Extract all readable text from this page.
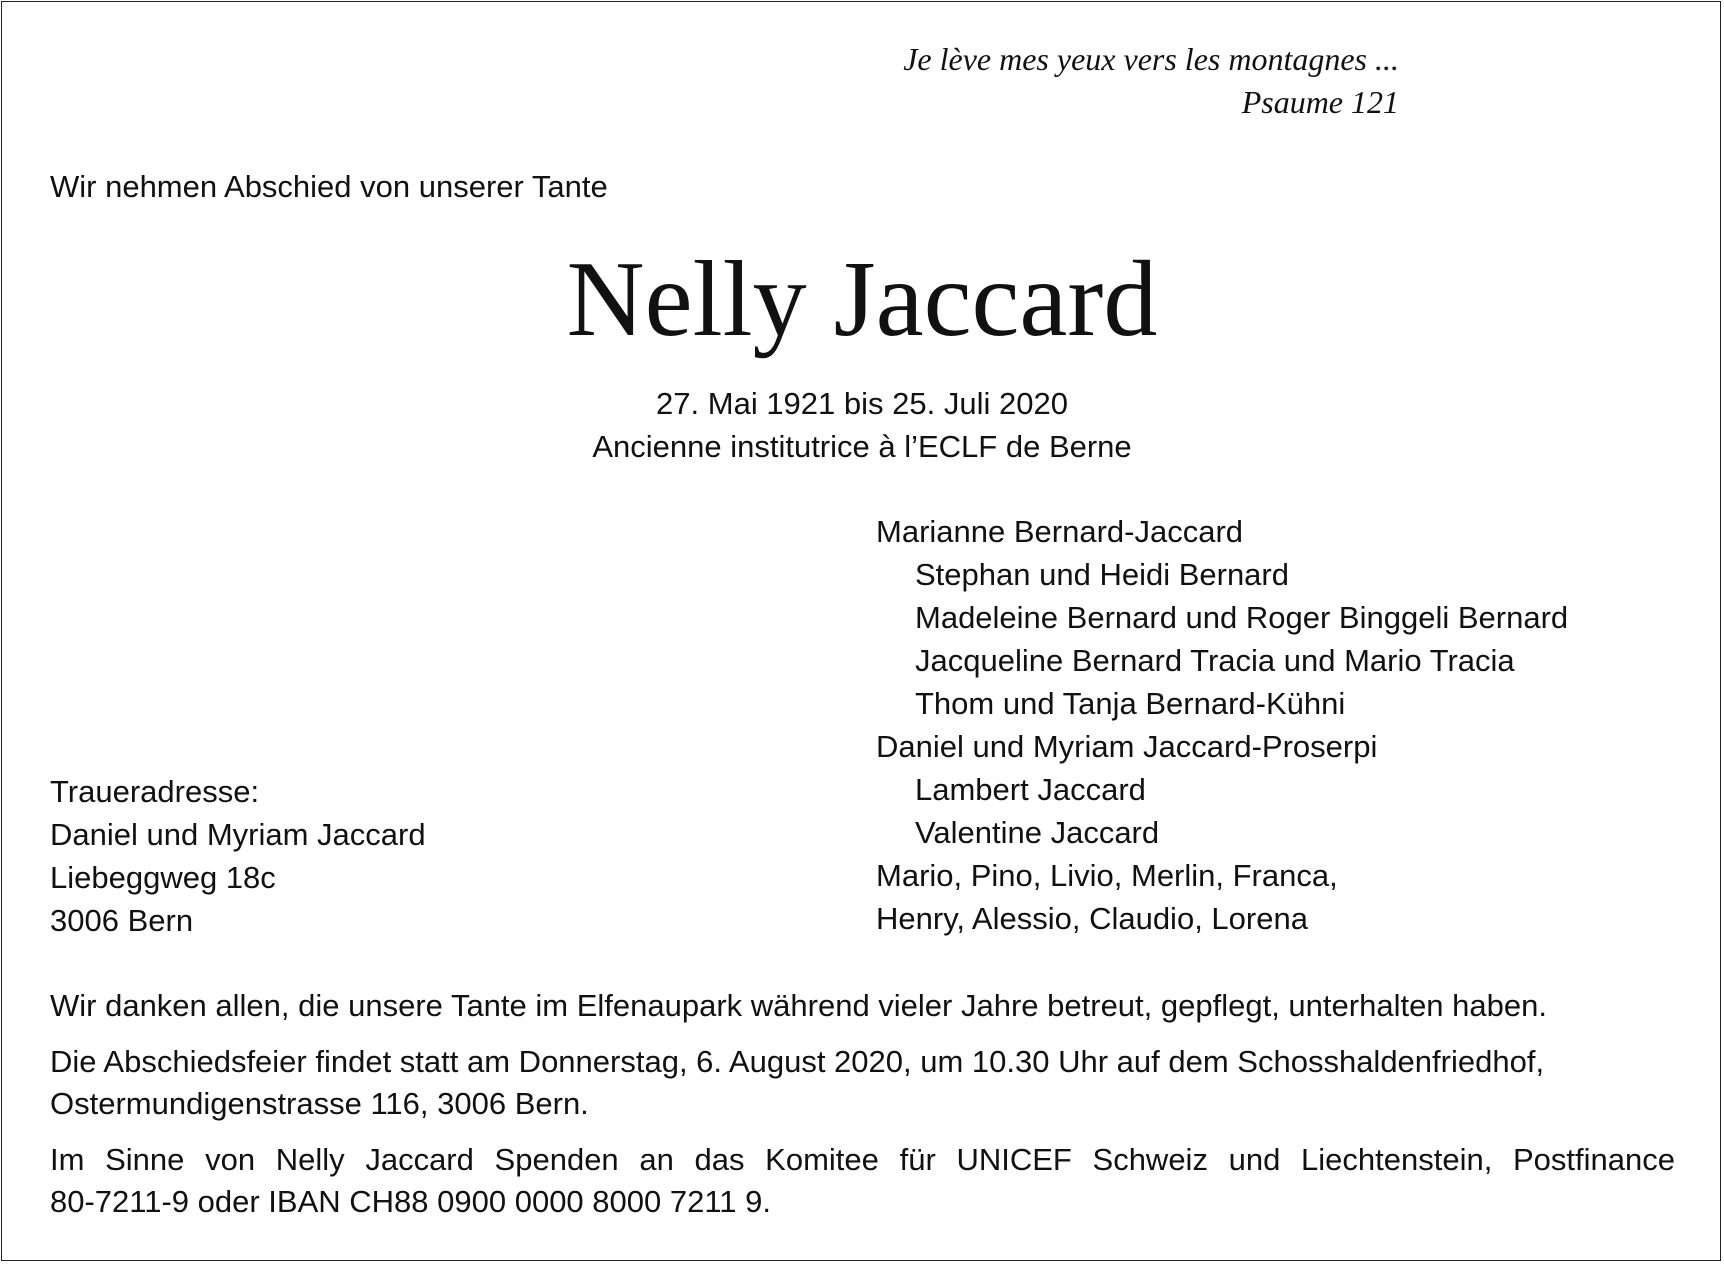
Je lève mes yeux vers les montagnes ...
Psaume 121
Wir nehmen Abschied von unserer Tante
Nelly Jaccard
27. Mai 1921 bis 25. Juli 2020
Ancienne institutrice à l’ECLF de Berne
Marianne Bernard-Jaccard
Stephan und Heidi Bernard
Madeleine Bernard und Roger Binggeli Bernard
Jacqueline Bernard Tracia und Mario Tracia
Thom und Tanja Bernard-Kühni
Daniel und Myriam Jaccard-Proserpi
Lambert Jaccard
Valentine Jaccard
Mario, Pino, Livio, Merlin, Franca,
Henry, Alessio, Claudio, Lorena
Traueradresse:
Daniel und Myriam Jaccard
Liebeggweg 18c
3006 Bern

Wir danken allen, die unsere Tante im Elfenaupark während vieler Jahre betreut, gepflegt, unterhalten haben.

Die Abschiedsfeier findet statt am Donnerstag, 6. August 2020, um 10.30 Uhr auf dem Schosshaldenfriedhof,
Ostermundigenstrasse 116, 3006 Bern.

Im Sinne von Nelly Jaccard Spenden an das Komitee für UNICEF Schweiz und Liechtenstein, Postfinance
80-7211-9 oder IBAN CH88 0900 0000 8000 7211 9.
